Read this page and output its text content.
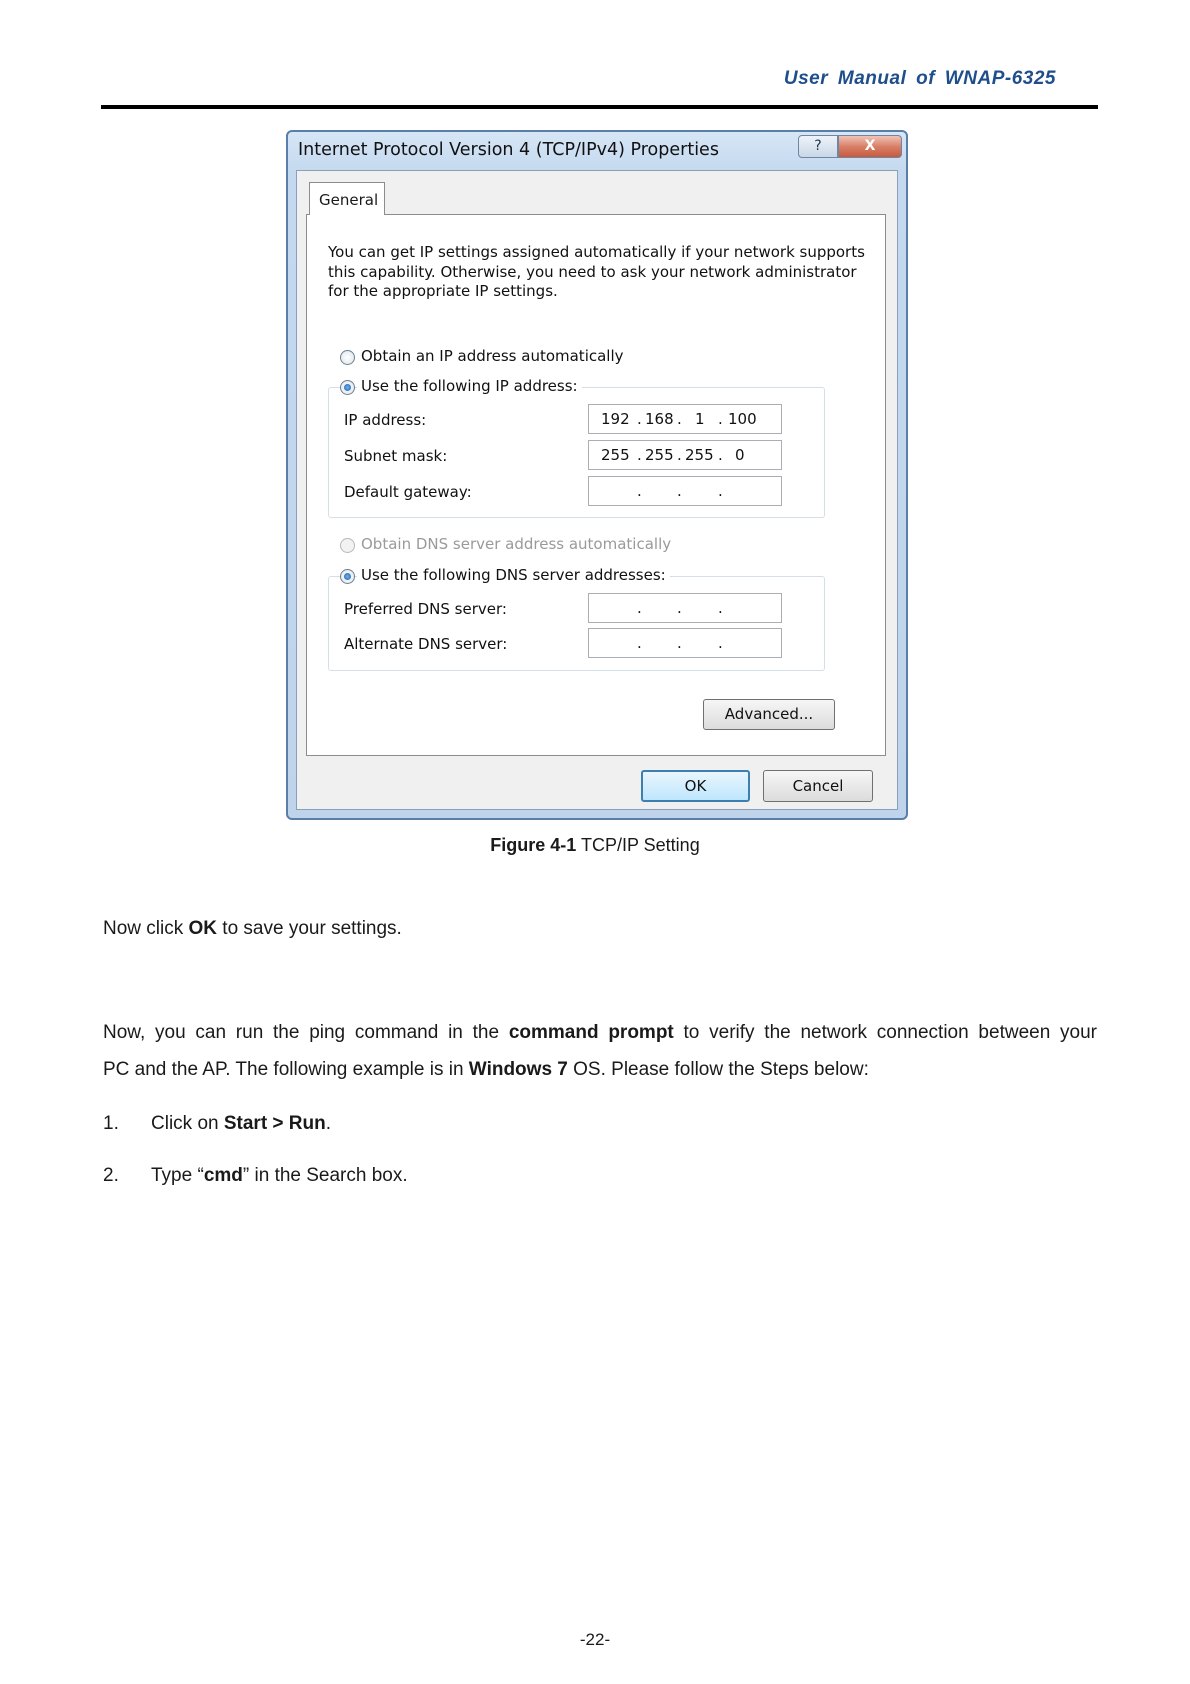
User Manual of WNAP-6325
Internet Protocol Version 4 (TCP/IPv4) Properties	?	X
General
You can get IP settings assigned automatically if your network supports this capability. Otherwise, you need to ask your network administrator for the appropriate IP settings.
Obtain an IP address automatically
Use the following IP address:
IP address:	192 . 168 . 1 . 100
Subnet mask:	255 . 255 . 255 . 0
Default gateway:	. . .
Obtain DNS server address automatically
Use the following DNS server addresses:
Preferred DNS server:	. . .
Alternate DNS server:	. . .
Advanced...
OK	Cancel
Figure 4-1 TCP/IP Setting
Now click OK to save your settings.
Now, you can run the ping command in the command prompt to verify the network connection between your
PC and the AP. The following example is in Windows 7 OS. Please follow the Steps below:
1. Click on Start > Run.
2. Type “cmd” in the Search box.
-22-
